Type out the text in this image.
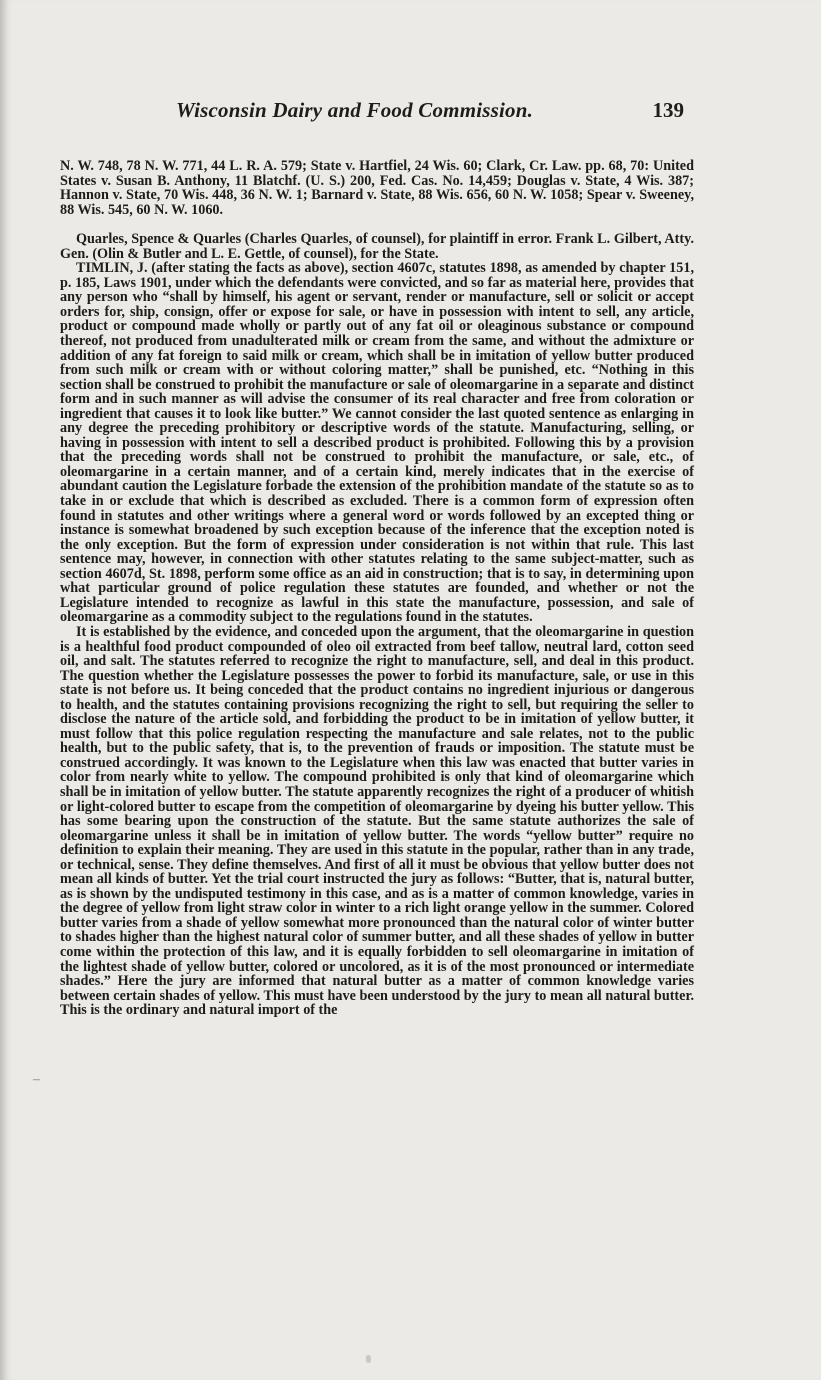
Wisconsin Dairy and Food Commission.	139

N. W. 748, 78 N. W. 771, 44 L. R. A. 579; State v. Hartfiel, 24 Wis. 60; Clark, Cr. Law. pp. 68, 70: United States v. Susan B. Anthony, 11 Blatchf. (U. S.) 200, Fed. Cas. No. 14,459; Douglas v. State, 4 Wis. 387; Hannon v. State, 70 Wis. 448, 36 N. W. 1; Barnard v. State, 88 Wis. 656, 60 N. W. 1058; Spear v. Sweeney, 88 Wis. 545, 60 N. W. 1060.

Quarles, Spence & Quarles (Charles Quarles, of counsel), for plaintiff in error. Frank L. Gilbert, Atty. Gen. (Olin & Butler and L. E. Gettle, of counsel), for the State.

TIMLIN, J. (after stating the facts as above), section 4607c, statutes 1898, as amended by chapter 151, p. 185, Laws 1901, under which the defendants were convicted, and so far as material here, provides that any person who “shall by himself, his agent or servant, render or manufacture, sell or solicit or accept orders for, ship, consign, offer or expose for sale, or have in possession with intent to sell, any article, product or compound made wholly or partly out of any fat oil or oleaginous substance or compound thereof, not produced from unadulterated milk or cream from the same, and without the admixture or addition of any fat foreign to said milk or cream, which shall be in imitation of yellow butter produced from such milk or cream with or without coloring matter,” shall be punished, etc. “Nothing in this section shall be construed to prohibit the manufacture or sale of oleomargarine in a separate and distinct form and in such manner as will advise the consumer of its real character and free from coloration or ingredient that causes it to look like butter.” We cannot consider the last quoted sentence as enlarging in any degree the preceding prohibitory or descriptive words of the statute. Manufacturing, selling, or having in possession with intent to sell a described product is prohibited. Following this by a provision that the preceding words shall not be construed to prohibit the manufacture, or sale, etc., of oleomargarine in a certain manner, and of a certain kind, merely indicates that in the exercise of abundant caution the Legislature forbade the extension of the prohibition mandate of the statute so as to take in or exclude that which is described as excluded. There is a common form of expression often found in statutes and other writings where a general word or words followed by an excepted thing or instance is somewhat broadened by such exception because of the inference that the exception noted is the only exception. But the form of expression under consideration is not within that rule. This last sentence may, however, in connection with other statutes relating to the same subject-matter, such as section 4607d, St. 1898, perform some office as an aid in construction; that is to say, in determining upon what particular ground of police regulation these statutes are founded, and whether or not the Legislature intended to recognize as lawful in this state the manufacture, possession, and sale of oleomargarine as a commodity subject to the regulations found in the statutes.

It is established by the evidence, and conceded upon the argument, that the oleomargarine in question is a healthful food product compounded of oleo oil extracted from beef tallow, neutral lard, cotton seed oil, and salt. The statutes referred to recognize the right to manufacture, sell, and deal in this product. The question whether the Legislature possesses the power to forbid its manufacture, sale, or use in this state is not before us. It being conceded that the product contains no ingredient injurious or dangerous to health, and the statutes containing provisions recognizing the right to sell, but requiring the seller to disclose the nature of the article sold, and forbidding the product to be in imitation of yellow butter, it must follow that this police regulation respecting the manufacture and sale relates, not to the public health, but to the public safety, that is, to the prevention of frauds or imposition. The statute must be construed accordingly. It was known to the Legislature when this law was enacted that butter varies in color from nearly white to yellow. The compound prohibited is only that kind of oleomargarine which shall be in imitation of yellow butter. The statute apparently recognizes the right of a producer of whitish or light-colored butter to escape from the competition of oleomargarine by dyeing his butter yellow. This has some bearing upon the construction of the statute. But the same statute authorizes the sale of oleomargarine unless it shall be in imitation of yellow butter. The words “yellow butter” require no definition to explain their meaning. They are used in this statute in the popular, rather than in any trade, or technical, sense. They define themselves. And first of all it must be obvious that yellow butter does not mean all kinds of butter. Yet the trial court instructed the jury as follows: “Butter, that is, natural butter, as is shown by the undisputed testimony in this case, and as is a matter of common knowledge, varies in the degree of yellow from light straw color in winter to a rich light orange yellow in the summer. Colored butter varies from a shade of yellow somewhat more pronounced than the natural color of winter butter to shades higher than the highest natural color of summer butter, and all these shades of yellow in butter come within the protection of this law, and it is equally forbidden to sell oleomargarine in imitation of the lightest shade of yellow butter, colored or uncolored, as it is of the most pronounced or intermediate shades.” Here the jury are informed that natural butter as a matter of common knowledge varies between certain shades of yellow. This must have been understood by the jury to mean all natural butter. This is the ordinary and natural import of the

–
